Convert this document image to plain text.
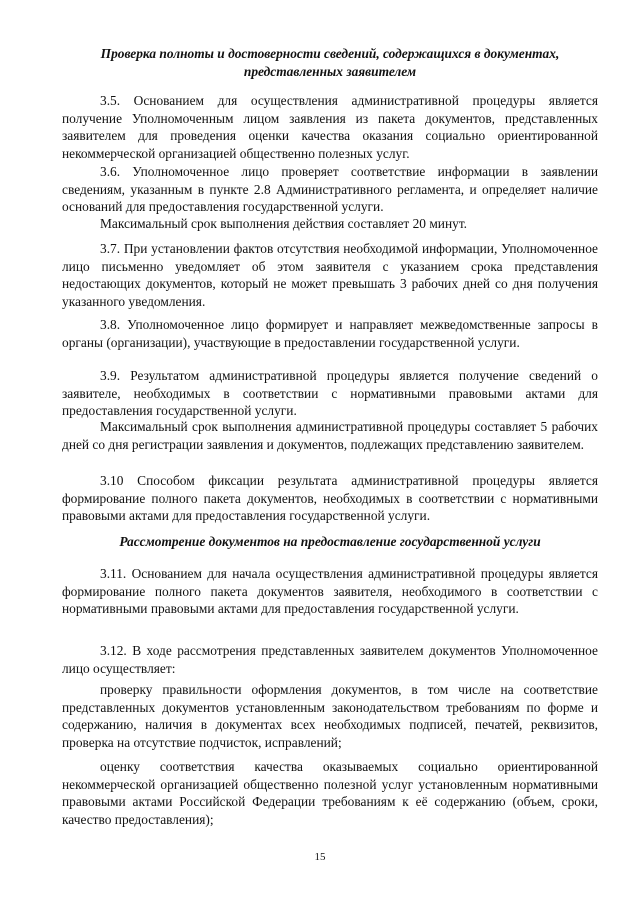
Проверка полноты и достоверности сведений, содержащихся в документах, представленных заявителем
3.5. Основанием для осуществления административной процедуры является получение Уполномоченным лицом заявления из пакета документов, представленных заявителем для проведения оценки качества оказания социально ориентированной некоммерческой организацией общественно полезных услуг.
3.6. Уполномоченное лицо проверяет соответствие информации в заявлении сведениям, указанным в пункте 2.8 Административного регламента, и определяет наличие оснований для предоставления государственной услуги.
Максимальный срок выполнения действия составляет 20 минут.
3.7. При установлении фактов отсутствия необходимой информации, Уполномоченное лицо письменно уведомляет об этом заявителя с указанием срока представления недостающих документов, который не может превышать 3 рабочих дней со дня получения указанного уведомления.
3.8. Уполномоченное лицо формирует и направляет межведомственные запросы в органы (организации), участвующие в предоставлении государственной услуги.
3.9. Результатом административной процедуры является получение сведений о заявителе, необходимых в соответствии с нормативными правовыми актами для предоставления государственной услуги.
Максимальный срок выполнения административной процедуры составляет 5 рабочих дней со дня регистрации заявления и документов, подлежащих представлению заявителем.
3.10 Способом фиксации результата административной процедуры является формирование полного пакета документов, необходимых в соответствии с нормативными правовыми актами для предоставления государственной услуги.
Рассмотрение документов на предоставление государственной услуги
3.11. Основанием для начала осуществления административной процедуры является формирование полного пакета документов заявителя, необходимого в соответствии с нормативными правовыми актами для предоставления государственной услуги.
3.12. В ходе рассмотрения представленных заявителем документов Уполномоченное лицо осуществляет:
проверку правильности оформления документов, в том числе на соответствие представленных документов установленным законодательством требованиям по форме и содержанию, наличия в документах всех необходимых подписей, печатей, реквизитов, проверка на отсутствие подчисток, исправлений;
оценку соответствия качества оказываемых социально ориентированной некоммерческой организацией общественно полезной услуг установленным нормативными правовыми актами Российской Федерации требованиям к её содержанию (объем, сроки, качество предоставления);
15
